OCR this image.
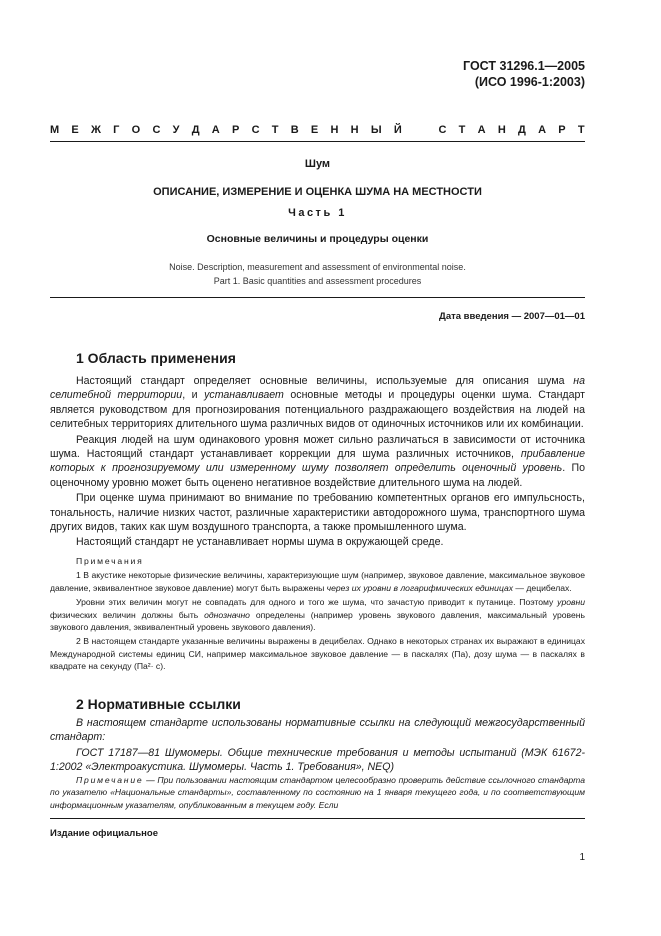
ГОСТ 31296.1—2005
(ИСО 1996-1:2003)
М Е Ж Г О С У Д А Р С Т В Е Н Н Ы Й	С Т А Н Д А Р Т
Шум
ОПИСАНИЕ, ИЗМЕРЕНИЕ И ОЦЕНКА ШУМА НА МЕСТНОСТИ
Часть 1
Основные величины и процедуры оценки
Noise. Description, measurement and assessment of environmental noise.
Part 1. Basic quantities and assessment procedures
Дата введения — 2007—01—01
1 Область применения

Настоящий стандарт определяет основные величины, используемые для описания шума на селитебной территории, и устанавливает основные методы и процедуры оценки шума. Стандарт является руководством для прогнозирования потенциального раздражающего воздействия на людей на селитебных территориях длительного шума различных видов от одиночных источников или их комбинации.

Реакция людей на шум одинакового уровня может сильно различаться в зависимости от источника шума. Настоящий стандарт устанавливает коррекции для шума различных источников, прибавление которых к прогнозируемому или измеренному шуму позволяет определить оценочный уровень. По оценочному уровню может быть оценено негативное воздействие длительного шума на людей.

При оценке шума принимают во внимание по требованию компетентных органов его импульсность, тональность, наличие низких частот, различные характеристики автодорожного шума, транспортного шума других видов, таких как шум воздушного транспорта, а также промышленного шума.

Настоящий стандарт не устанавливает нормы шума в окружающей среде.

Примечания

1 В акустике некоторые физические величины, характеризующие шум (например, звуковое давление, максимальное звуковое давление, эквивалентное звуковое давление) могут быть выражены через их уровни в логарифмических единицах — децибелах.

Уровни этих величин могут не совпадать для одного и того же шума, что зачастую приводит к путанице. Поэтому уровни физических величин должны быть однозначно определены (например уровень звукового давления, максимальный уровень звукового давления, эквивалентный уровень звукового давления).

2 В настоящем стандарте указанные величины выражены в децибелах. Однако в некоторых странах их выражают в единицах Международной системы единиц СИ, например максимальное звуковое давление — в паскалях (Па), дозу шума — в паскалях в квадрате на секунду (Па²· с).

2 Нормативные ссылки

В настоящем стандарте использованы нормативные ссылки на следующий межгосударственный стандарт:

ГОСТ 17187—81 Шумомеры. Общие технические требования и методы испытаний (МЭК 61672-1:2002 «Электроакустика. Шумомеры. Часть 1. Требования», NEQ)

Примечание — При пользовании настоящим стандартом целесообразно проверить действие ссылочного стандарта по указателю «Национальные стандарты», составленному по состоянию на 1 января текущего года, и по соответствующим информационным указателям, опубликованным в текущем году. Если

Издание официальное
1
